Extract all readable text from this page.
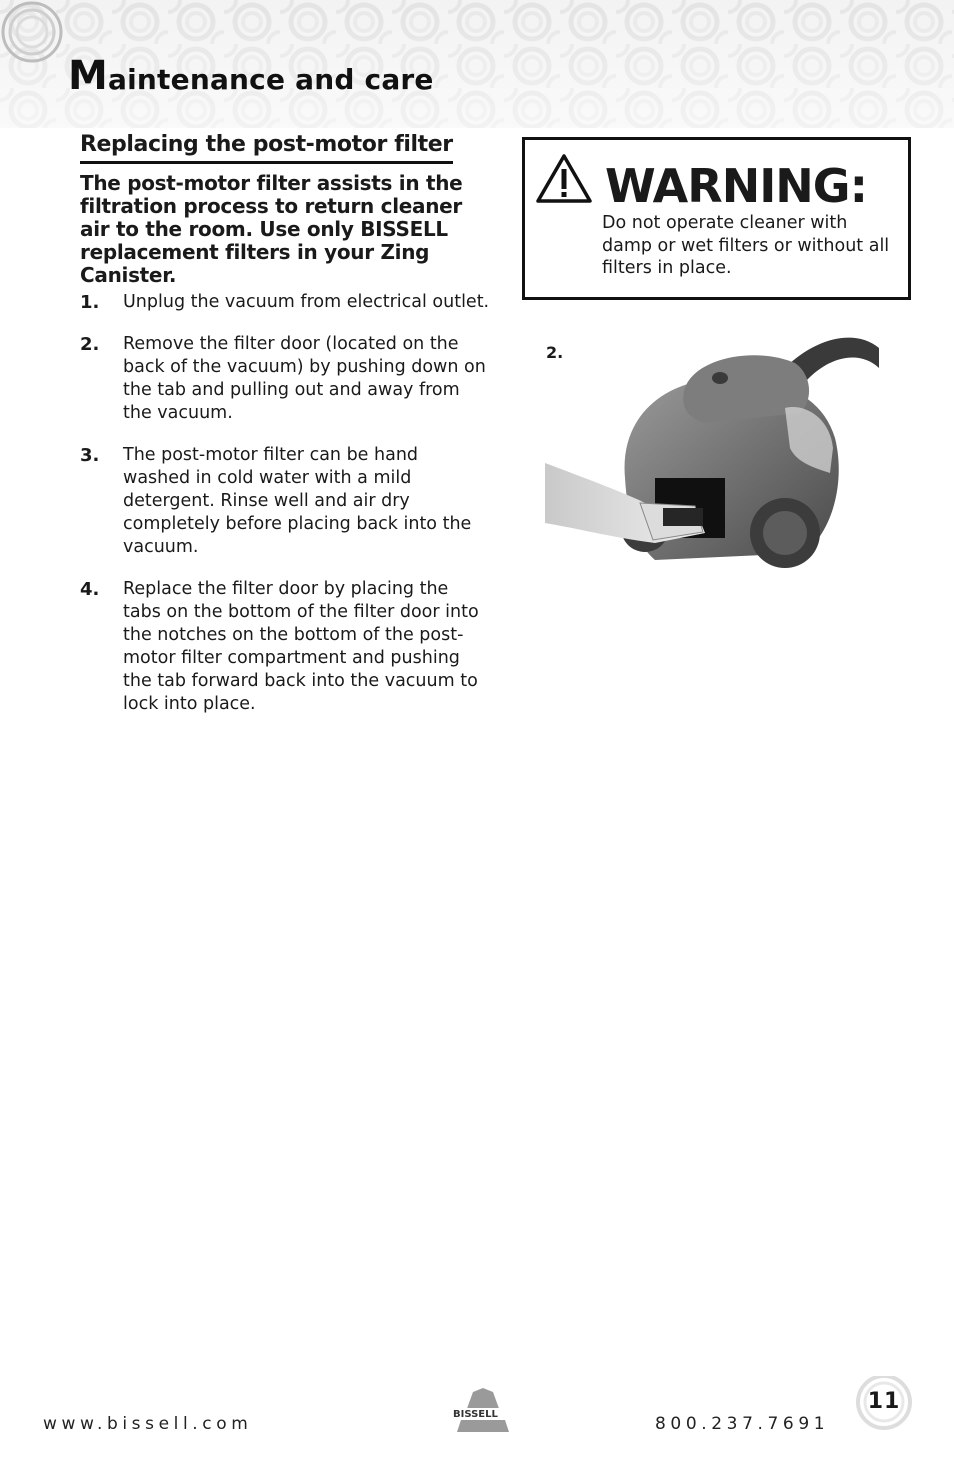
Maintenance and care
Replacing the post-motor filter

The post-motor filter assists in the filtration process to return cleaner air to the room. Use only BISSELL replacement filters in your Zing Canister.

1. Unplug the vacuum from electrical outlet.
2. Remove the filter door (located on the back of the vacuum) by pushing down on the tab and pulling out and away from the vacuum.
3. The post-motor filter can be hand washed in cold water with a mild detergent. Rinse well and air dry completely before placing back into the vacuum.
4. Replace the filter door by placing the tabs on the bottom of the filter door into the notches on the bottom of the post-motor filter compartment and pushing the tab forward back into the vacuum to lock into place.
WARNING:
Do not operate cleaner with damp or wet filters or without all filters in place.
2.
www.bissell.com	BISSELL	800.237.7691
11
